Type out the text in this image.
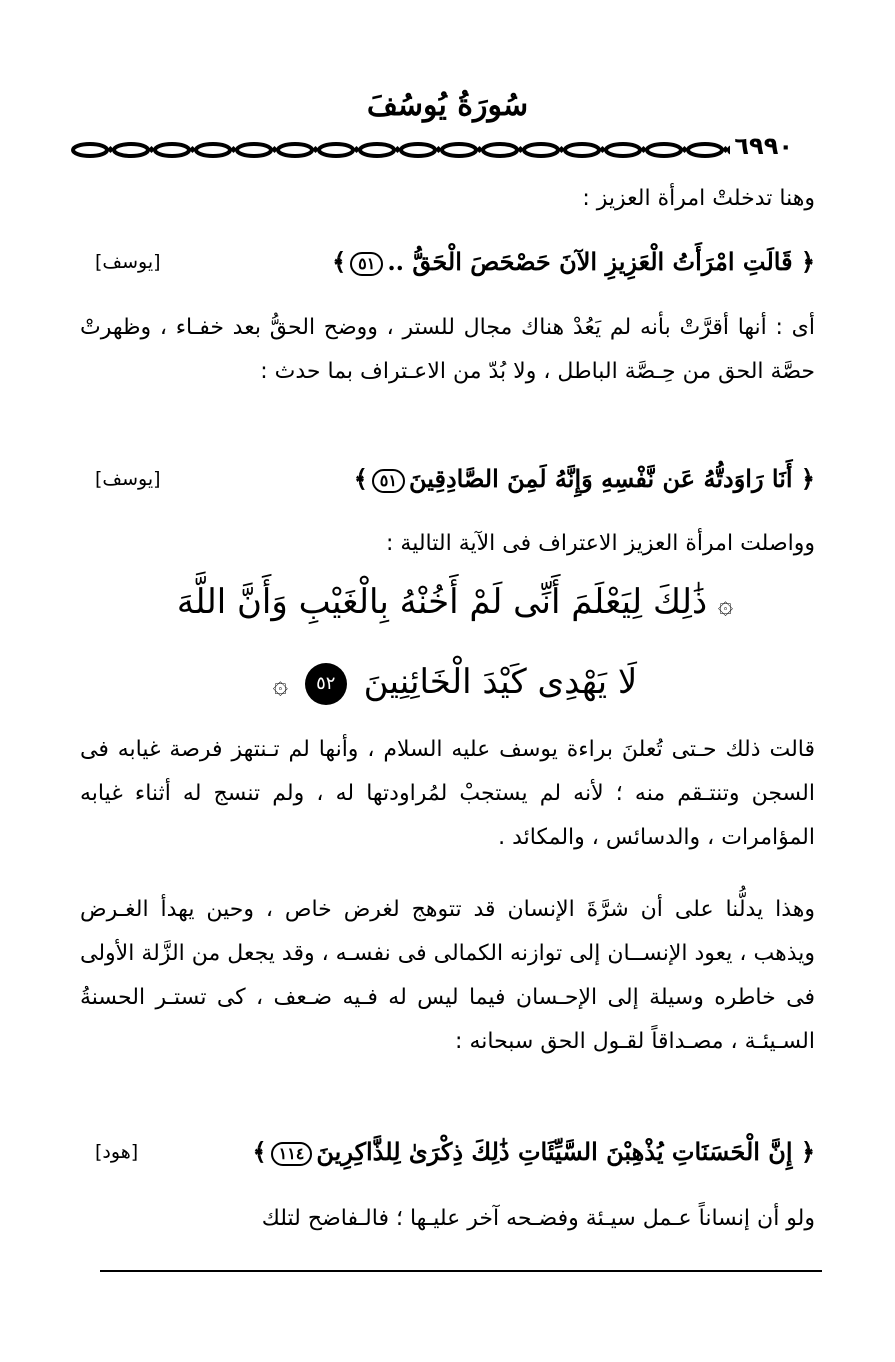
سُورَةُ يُوسُفَ
٦٩٩٠
وهنا تدخلتْ امرأة العزيز :
﴿ قَالَتِ امْرَأَتُ الْعَزِيزِ الآنَ حَصْحَصَ الْحَقُّ ..٥١﴾
[يوسف]
أى : أنها أقرَّتْ بأنه لم يَعُدْ هناك مجال للستر ، ووضح الحقُّ بعد خفـاء ، وظهرتْ حصَّة الحق من حِـصَّة الباطل ، ولا بُدّ من الاعـتراف بما حدث :
﴿ أَنَا رَاوَدتُّهُ عَن نَّفْسِهِ وَإِنَّهُ لَمِنَ الصَّادِقِينَ٥١﴾
[يوسف]
وواصلت امرأة العزيز الاعتراف فى الآية التالية :
۞ ذَٰلِكَ لِيَعْلَمَ أَنِّى لَمْ أَخُنْهُ بِالْغَيْبِ وَأَنَّ اللَّهَ
لَا يَهْدِى كَيْدَ الْخَائِنِينَ ٥٢ ۞
قالت ذلك حـتى تُعلنَ براءة يوسف عليه السلام ، وأنها لم تـنتهز فرصة غيابه فى السجن وتنتـقم منه ؛ لأنه لم يستجبْ لمُراودتها له ، ولم تنسج له أثناء غيابه المؤامرات ، والدسائس ، والمكائد .
وهذا يدلُّنا على أن شرَّةَ الإنسان قد تتوهج لغرض خاص ، وحين يهدأ الغـرض ويذهب ، يعود الإنســان إلى توازنه الكمالى فى نفسـه ، وقد يجعل من الزَّلة الأولى فى خاطره وسيلة إلى الإحـسان فيما ليس له فـيه ضـعف ، كى تستـر الحسنةُ السـيئـة ، مصـداقاً لقـول الحق سبحانه :
﴿ إِنَّ الْحَسَنَاتِ يُذْهِبْنَ السَّيِّئَاتِ ذَٰلِكَ ذِكْرَىٰ لِلذَّاكِرِينَ١١٤﴾
[هود]
ولو أن إنساناً عـمل سيـئة وفضـحه آخر عليـها ؛ فالـفاضح لتلك
